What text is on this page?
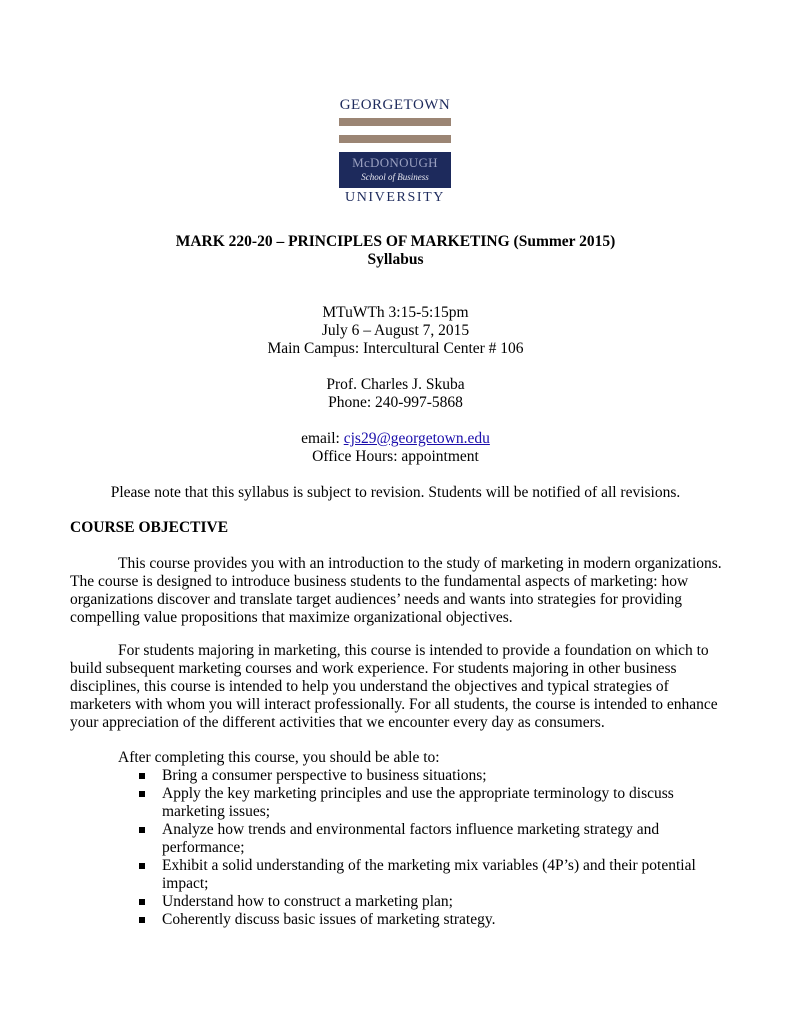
GEORGETOWN
McDONOUGH
School of Business
UNIVERSITY
MARK 220-20 – PRINCIPLES OF MARKETING (Summer 2015)
Syllabus
MTuWTh 3:15-5:15pm
July 6 – August 7, 2015
Main Campus: Intercultural Center # 106
Prof. Charles J. Skuba
Phone: 240-997-5868
email: cjs29@georgetown.edu
Office Hours: appointment
Please note that this syllabus is subject to revision. Students will be notified of all revisions.
COURSE OBJECTIVE
This course provides you with an introduction to the study of marketing in modern organizations.
The course is designed to introduce business students to the fundamental aspects of marketing: how
organizations discover and translate target audiences’ needs and wants into strategies for providing
compelling value propositions that maximize organizational objectives.
For students majoring in marketing, this course is intended to provide a foundation on which to
build subsequent marketing courses and work experience. For students majoring in other business
disciplines, this course is intended to help you understand the objectives and typical strategies of
marketers with whom you will interact professionally. For all students, the course is intended to enhance
your appreciation of the different activities that we encounter every day as consumers.
After completing this course, you should be able to:
Bring a consumer perspective to business situations;
Apply the key marketing principles and use the appropriate terminology to discuss
marketing issues;
Analyze how trends and environmental factors influence marketing strategy and
performance;
Exhibit a solid understanding of the marketing mix variables (4P’s) and their potential
impact;
Understand how to construct a marketing plan;
Coherently discuss basic issues of marketing strategy.
